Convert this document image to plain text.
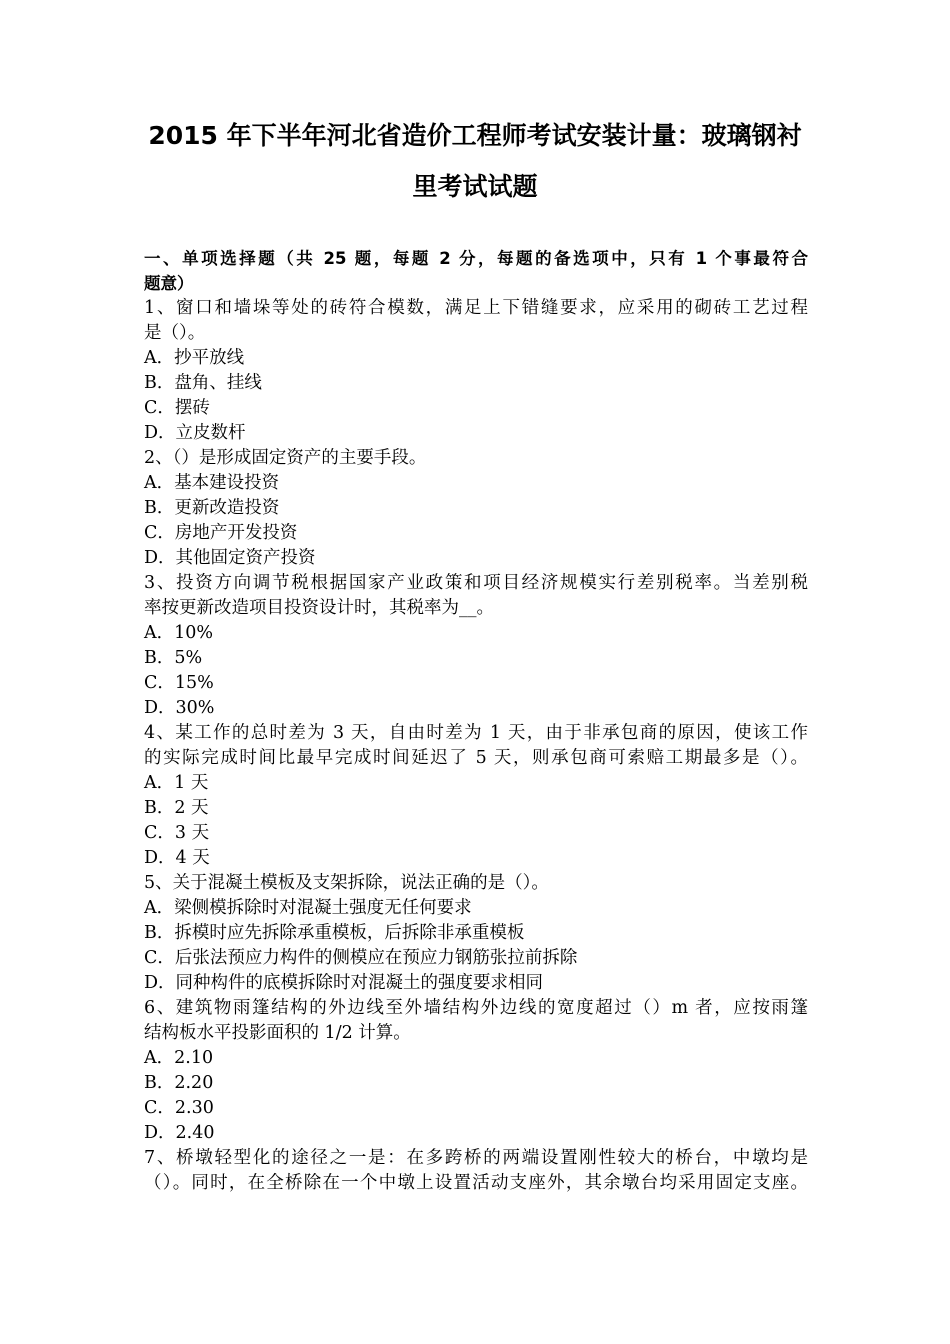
2015 年下半年河北省造价工程师考试安装计量：玻璃钢衬
里考试试题
一、单项选择题（共 25 题，每题 2 分，每题的备选项中，只有 1 个事最符合
题意）
1、窗口和墙垛等处的砖符合模数，满足上下错缝要求，应采用的砌砖工艺过程
是（）。
A．抄平放线
B．盘角、挂线
C．摆砖
D．立皮数杆
2、（）是形成固定资产的主要手段。
A．基本建设投资
B．更新改造投资
C．房地产开发投资
D．其他固定资产投资
3、投资方向调节税根据国家产业政策和项目经济规模实行差别税率。当差别税
率按更新改造项目投资设计时，其税率为__。
A．10%
B．5%
C．15%
D．30%
4、某工作的总时差为 3 天，自由时差为 1 天，由于非承包商的原因，使该工作
的实际完成时间比最早完成时间延迟了 5 天，则承包商可索赔工期最多是（）。
A．1 天
B．2 天
C．3 天
D．4 天
5、关于混凝土模板及支架拆除，说法正确的是（）。
A．梁侧模拆除时对混凝土强度无任何要求
B．拆模时应先拆除承重模板，后拆除非承重模板
C．后张法预应力构件的侧模应在预应力钢筋张拉前拆除
D．同种构件的底模拆除时对混凝土的强度要求相同
6、建筑物雨篷结构的外边线至外墙结构外边线的宽度超过（）m 者，应按雨篷
结构板水平投影面积的 1/2 计算。
A．2.10
B．2.20
C．2.30
D．2.40
7、桥墩轻型化的途径之一是：在多跨桥的两端设置刚性较大的桥台，中墩均是
（）。同时，在全桥除在一个中墩上设置活动支座外，其余墩台均采用固定支座。
